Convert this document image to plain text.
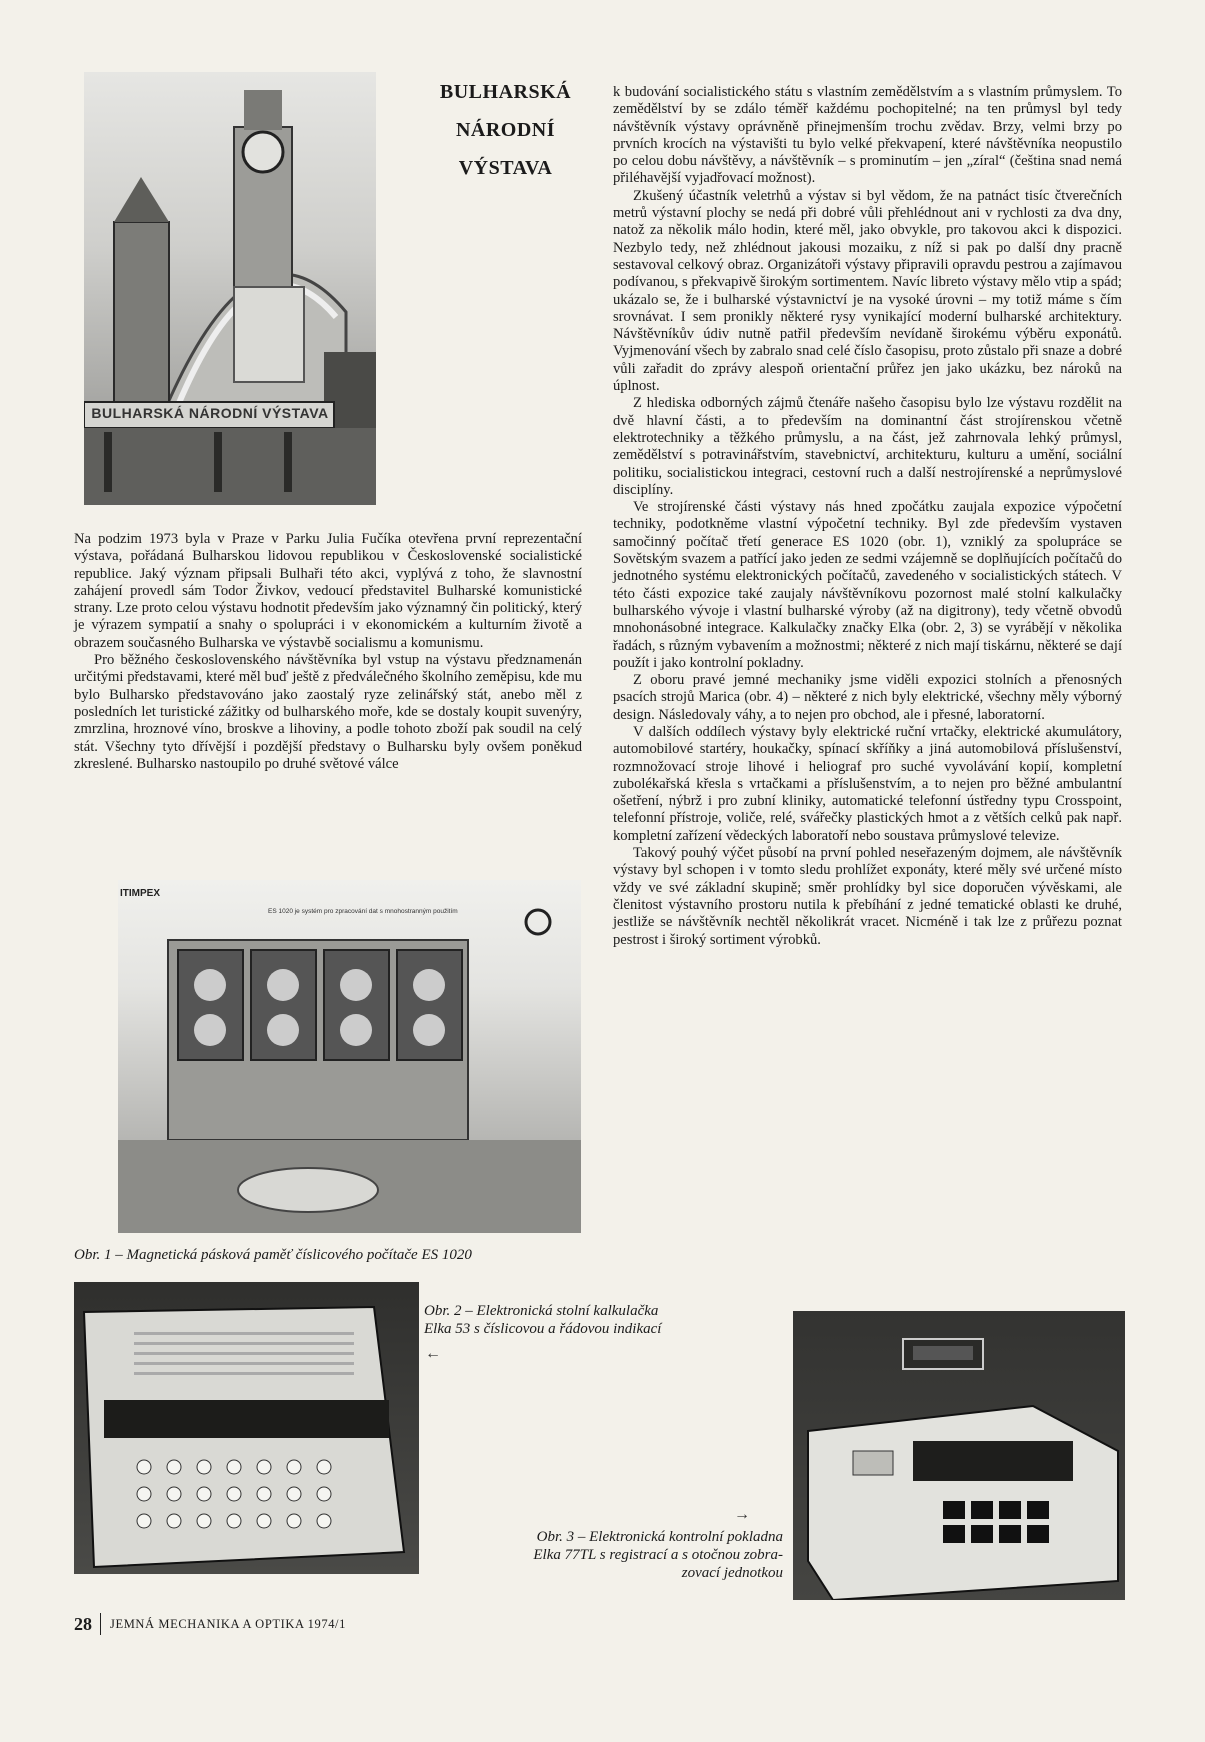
BULHARSKÁ NÁRODNÍ VÝSTAVA
BULHARSKÁ
NÁRODNÍ
VÝSTAVA

Na podzim 1973 byla v Praze v Parku Julia Fučíka otevřena první reprezentační výstava, pořádaná Bulharskou lidovou republikou v Československé socialistické republice. Jaký význam připsali Bulhaři této akci, vyplývá z toho, že slavnostní zahájení provedl sám Todor Živkov, vedoucí představitel Bulharské komunistické strany. Lze proto celou výstavu hodnotit především jako významný čin politický, který je výrazem sympatií a snahy o spolupráci i v ekonomickém a kulturním životě a obrazem současného Bulharska ve výstavbě socialismu a komunismu.

Pro běžného československého návštěvníka byl vstup na výstavu předznamenán určitými představami, které měl buď ještě z předválečného školního zeměpisu, kde mu bylo Bulharsko představováno jako zaostalý ryze zelinářský stát, anebo měl z posledních let turistické zážitky od bulharského moře, kde se dostaly koupit suvenýry, zmrzlina, hroznové víno, broskve a lihoviny, a podle tohoto zboží pak soudil na celý stát. Všechny tyto dřívější i pozdější představy o Bulharsku byly ovšem poněkud zkreslené. Bulharsko nastoupilo po druhé světové válce

ITIMPEX
ES 1020 je systém pro zpracování dat s mnohostranným použitím
Obr. 1 – Magnetická pásková paměť číslicového počítače ES 1020

k budování socialistického státu s vlastním zemědělstvím a s vlastním průmyslem. To zemědělství by se zdálo téměř každému pochopitelné; na ten průmysl byl tedy návštěvník výstavy oprávněně přinejmenším trochu zvědav. Brzy, velmi brzy po prvních krocích na výstavišti tu bylo velké překvapení, které návštěvníka neopustilo po celou dobu návštěvy, a návštěvník – s prominutím – jen „zíral“ (čeština snad nemá přiléhavější vyjadřovací možnost).

Zkušený účastník veletrhů a výstav si byl vědom, že na patnáct tisíc čtverečních metrů výstavní plochy se nedá při dobré vůli přehlédnout ani v rychlosti za dva dny, natož za několik málo hodin, které měl, jako obvykle, pro takovou akci k dispozici. Nezbylo tedy, než zhlédnout jakousi mozaiku, z níž si pak po další dny pracně sestavoval celkový obraz. Organizátoři výstavy připravili opravdu pestrou a zajímavou podívanou, s překvapivě širokým sortimentem. Navíc libreto výstavy mělo vtip a spád; ukázalo se, že i bulharské výstavnictví je na vysoké úrovni – my totiž máme s čím srovnávat. I sem pronikly některé rysy vynikající moderní bulharské architektury. Návštěvníkův údiv nutně patřil především nevídaně širokému výběru exponátů. Vyjmenování všech by zabralo snad celé číslo časopisu, proto zůstalo při snaze a dobré vůli zařadit do zprávy alespoň orientační průřez jen jako ukázku, bez nároků na úplnost.

Z hlediska odborných zájmů čtenáře našeho časopisu bylo lze výstavu rozdělit na dvě hlavní části, a to především na dominantní část strojírenskou včetně elektrotechniky a těžkého průmyslu, a na část, jež zahrnovala lehký průmysl, zemědělství s potravinářstvím, stavebnictví, architekturu, kulturu a umění, sociální politiku, socialistickou integraci, cestovní ruch a další nestrojírenské a neprůmyslové disciplíny.

Ve strojírenské části výstavy nás hned zpočátku zaujala expozice výpočetní techniky, podotkněme vlastní výpočetní techniky. Byl zde především vystaven samočinný počítač třetí generace ES 1020 (obr. 1), vzniklý za spolupráce se Sovětským svazem a patřící jako jeden ze sedmi vzájemně se doplňujících počítačů do jednotného systému elektronických počítačů, zavedeného v socialistických státech. V této části expozice také zaujaly návštěvníkovu pozornost malé stolní kalkulačky bulharského vývoje i vlastní bulharské výroby (až na digitrony), tedy včetně obvodů mnohonásobné integrace. Kalkulačky značky Elka (obr. 2, 3) se vyrábějí v několika řadách, s různým vybavením a možnostmi; některé z nich mají tiskárnu, některé se dají použít i jako kontrolní pokladny.

Z oboru pravé jemné mechaniky jsme viděli expozici stolních a přenosných psacích strojů Marica (obr. 4) – některé z nich byly elektrické, všechny měly výborný design. Následovaly váhy, a to nejen pro obchod, ale i přesné, laboratorní.

V dalších oddílech výstavy byly elektrické ruční vrtačky, elektrické akumulátory, automobilové startéry, houkačky, spínací skříňky a jiná automobilová příslušenství, rozmnožovací stroje lihové i heliograf pro suché vyvolávání kopií, kompletní zubolékařská křesla s vrtačkami a příslušenstvím, a to nejen pro běžné ambulantní ošetření, nýbrž i pro zubní kliniky, automatické telefonní ústředny typu Crosspoint, telefonní přístroje, voliče, relé, svářečky plastických hmot a z větších celků pak např. kompletní zařízení vědeckých laboratoří nebo soustava průmyslové televize.

Takový pouhý výčet působí na první pohled neseřazeným dojmem, ale návštěvník výstavy byl schopen i v tomto sledu prohlížet exponáty, které měly své určené místo vždy ve své základní skupině; směr prohlídky byl sice doporučen vývěskami, ale členitost výstavního prostoru nutila k přebíhání z jedné tematické oblasti ke druhé, jestliže se návštěvník nechtěl několikrát vracet. Nicméně i tak lze z průřezu poznat pestrost i široký sortiment výrobků.

Obr. 2 – Elektronická stolní kalkulačka
Elka 53 s číslicovou a řádovou indikací
←
→
Obr. 3 – Elektronická kontrolní pokladna
Elka 77TL s registrací a s otočnou zobra-
zovací jednotkou
28 JEMNÁ MECHANIKA A OPTIKA 1974/1
